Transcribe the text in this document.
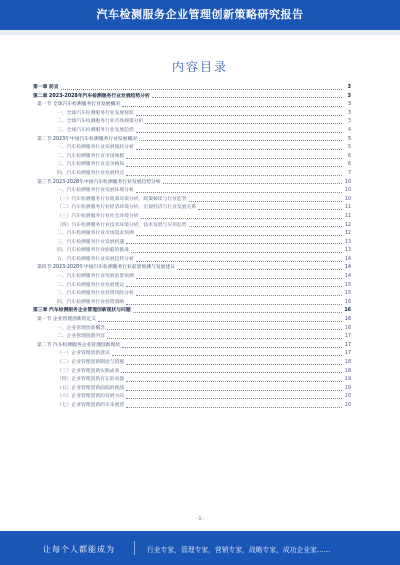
汽车检测服务企业管理创新策略研究报告
内容目录
第一章 前言	3
第二章 2023-2028年汽车检测服务行业发展趋势分析	3
第一节 全球汽车检测服务行业发展概况	3
一、全球汽车检测服务行业发展现状	3
二、全球汽车检测服务行业市场规模分析	3
三、全球汽车检测服务行业发展趋势	4
第二节 2023年中国汽车检测服务行业发展概况	5
一、汽车检测服务行业发展现状分析	5
二、汽车检测服务行业市场规模	6
三、汽车检测服务行业竞争格局	6
四、汽车检测服务行业发展特点	7
第三节 2023-2028年中国汽车检测服务行业发展趋势分析	10
一、汽车检测服务行业发展环境分析	10
（一）汽车检测服务行业政策环境分析，政策解读与行业监管	10
（二）汽车检测服务行业经济环境分析，宏观经济与行业发展关系	11
（三）汽车检测服务行业社会环境分析	11
（四）汽车检测服务行业技术环境分析，技术发展与应用趋势	12
二、汽车检测服务行业市场需求预测	12
三、汽车检测服务行业发展机遇	13
四、汽车检测服务行业面临的挑战	13
五、汽车检测服务行业发展趋势分析	14
第四节 2023-2028年中国汽车检测服务行业前景预测与发展建议	14
一、汽车检测服务行业发展前景预测	14
二、汽车检测服务行业发展建议	15
三、汽车检测服务行业投资风险分析	15
四、汽车检测服务行业投资策略	16
第三章 汽车检测服务企业管理创新现状与问题	16
第一节 企业管理创新的定义	16
一、企业管理创新概念	16
二、企业管理创新内容	17
第二节 汽车检测服务企业管理创新现状	17
（一）企业管理创新意识	17
（二）企业管理创新制度与措施	18
（三）企业管理创新实践成效	18
（四）企业管理创新存在的问题	19
（五）企业管理创新面临的挑战	19
（六）企业管理创新的发展方向	20
（七）企业管理创新的未来展望	20
-1-
让每个人都能成为	行业专家，管理专家，营销专家，战略专家，成功企业家……
